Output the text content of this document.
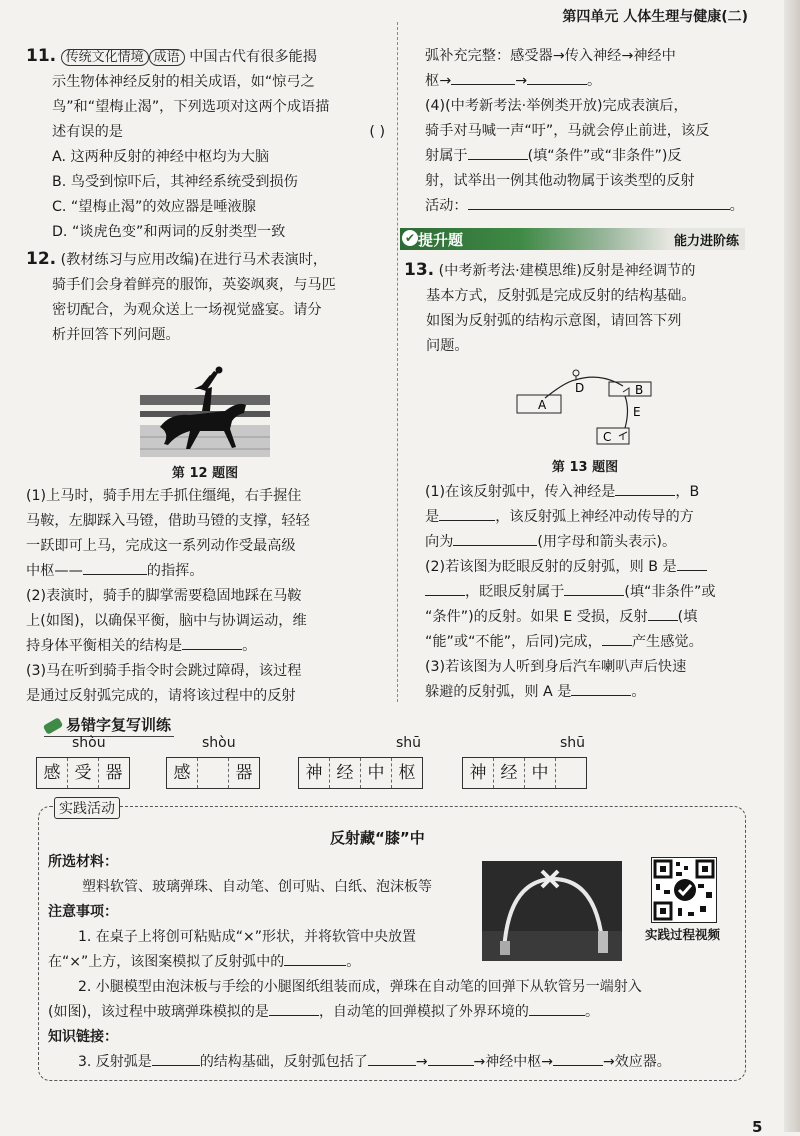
第四单元 人体生理与健康(二)

11. 传统文化情境 成语 中国古代有很多能揭

示生物体神经反射的相关成语，如“惊弓之

鸟”和“望梅止渴”，下列选项对这两个成语描

述有误的是	( )

A. 这两种反射的神经中枢均为大脑

B. 鸟受到惊吓后，其神经系统受到损伤

C. “望梅止渴”的效应器是唾液腺

D. “谈虎色变”和两词的反射类型一致

12. (教材练习与应用改编)在进行马术表演时，

骑手们会身着鲜亮的服饰，英姿飒爽，与马匹

密切配合，为观众送上一场视觉盛宴。请分

析并回答下列问题。

第 12 题图

(1)上马时，骑手用左手抓住缰绳，右手握住

马鞍，左脚踩入马镫，借助马镫的支撑，轻轻

一跃即可上马，完成这一系列动作受最高级

中枢——	的指挥。

(2)表演时，骑手的脚掌需要稳固地踩在马鞍

上(如图)，以确保平衡，脑中与协调运动，维

持身体平衡相关的结构是	。

(3)马在听到骑手指令时会跳过障碍，该过程

是通过反射弧完成的，请将该过程中的反射

弧补充完整：感受器→传入神经→神经中

枢→	→	。

(4)(中考新考法·举例类开放)完成表演后，

骑手对马喊一声“吁”，马就会停止前进，该反

射属于	(填“条件”或“非条件”)反

射，试举出一例其他动物属于该类型的反射

活动：	。

✔ 提升题	能力进阶练

13. (中考新考法·建模思维)反射是神经调节的

基本方式，反射弧是完成反射的结构基础。

如图为反射弧的结构示意图，请回答下列

问题。

A
D	B
E
C
第 13 题图

(1)在该反射弧中，传入神经是	，B

是	，该反射弧上神经冲动传导的方

向为	(用字母和箭头表示)。

(2)若该图为眨眼反射的反射弧，则 B 是

，眨眼反射属于	(填“非条件”或

“条件”)的反射。如果 E 受损，反射 (填

“能”或“不能”，后同)完成， 产生感觉。

(3)若该图为人听到身后汽车喇叭声后快速

躲避的反射弧，则 A 是	。

易错字复写训练
shòu
感 受 器
shòu
感	器
shū
神 经 中 枢
shū
神 经 中
实践活动
反射藏“膝”中
所选材料：
塑料软管、玻璃弹珠、自动笔、创可贴、白纸、泡沫板等
注意事项：
1. 在桌子上将创可粘贴成“×”形状，并将软管中央放置
在“×”上方，该图案模拟了反射弧中的	。
2. 小腿模型由泡沫板与手绘的小腿图纸组装而成，弹珠在自动笔的回弹下从软管另一端射入
(如图)，该过程中玻璃弹珠模拟的是	，自动笔的回弹模拟了外界环境的	。
知识链接：
3. 反射弧是	的结构基础，反射弧包括了	→	→神经中枢→	→效应器。
实践过程视频
5
